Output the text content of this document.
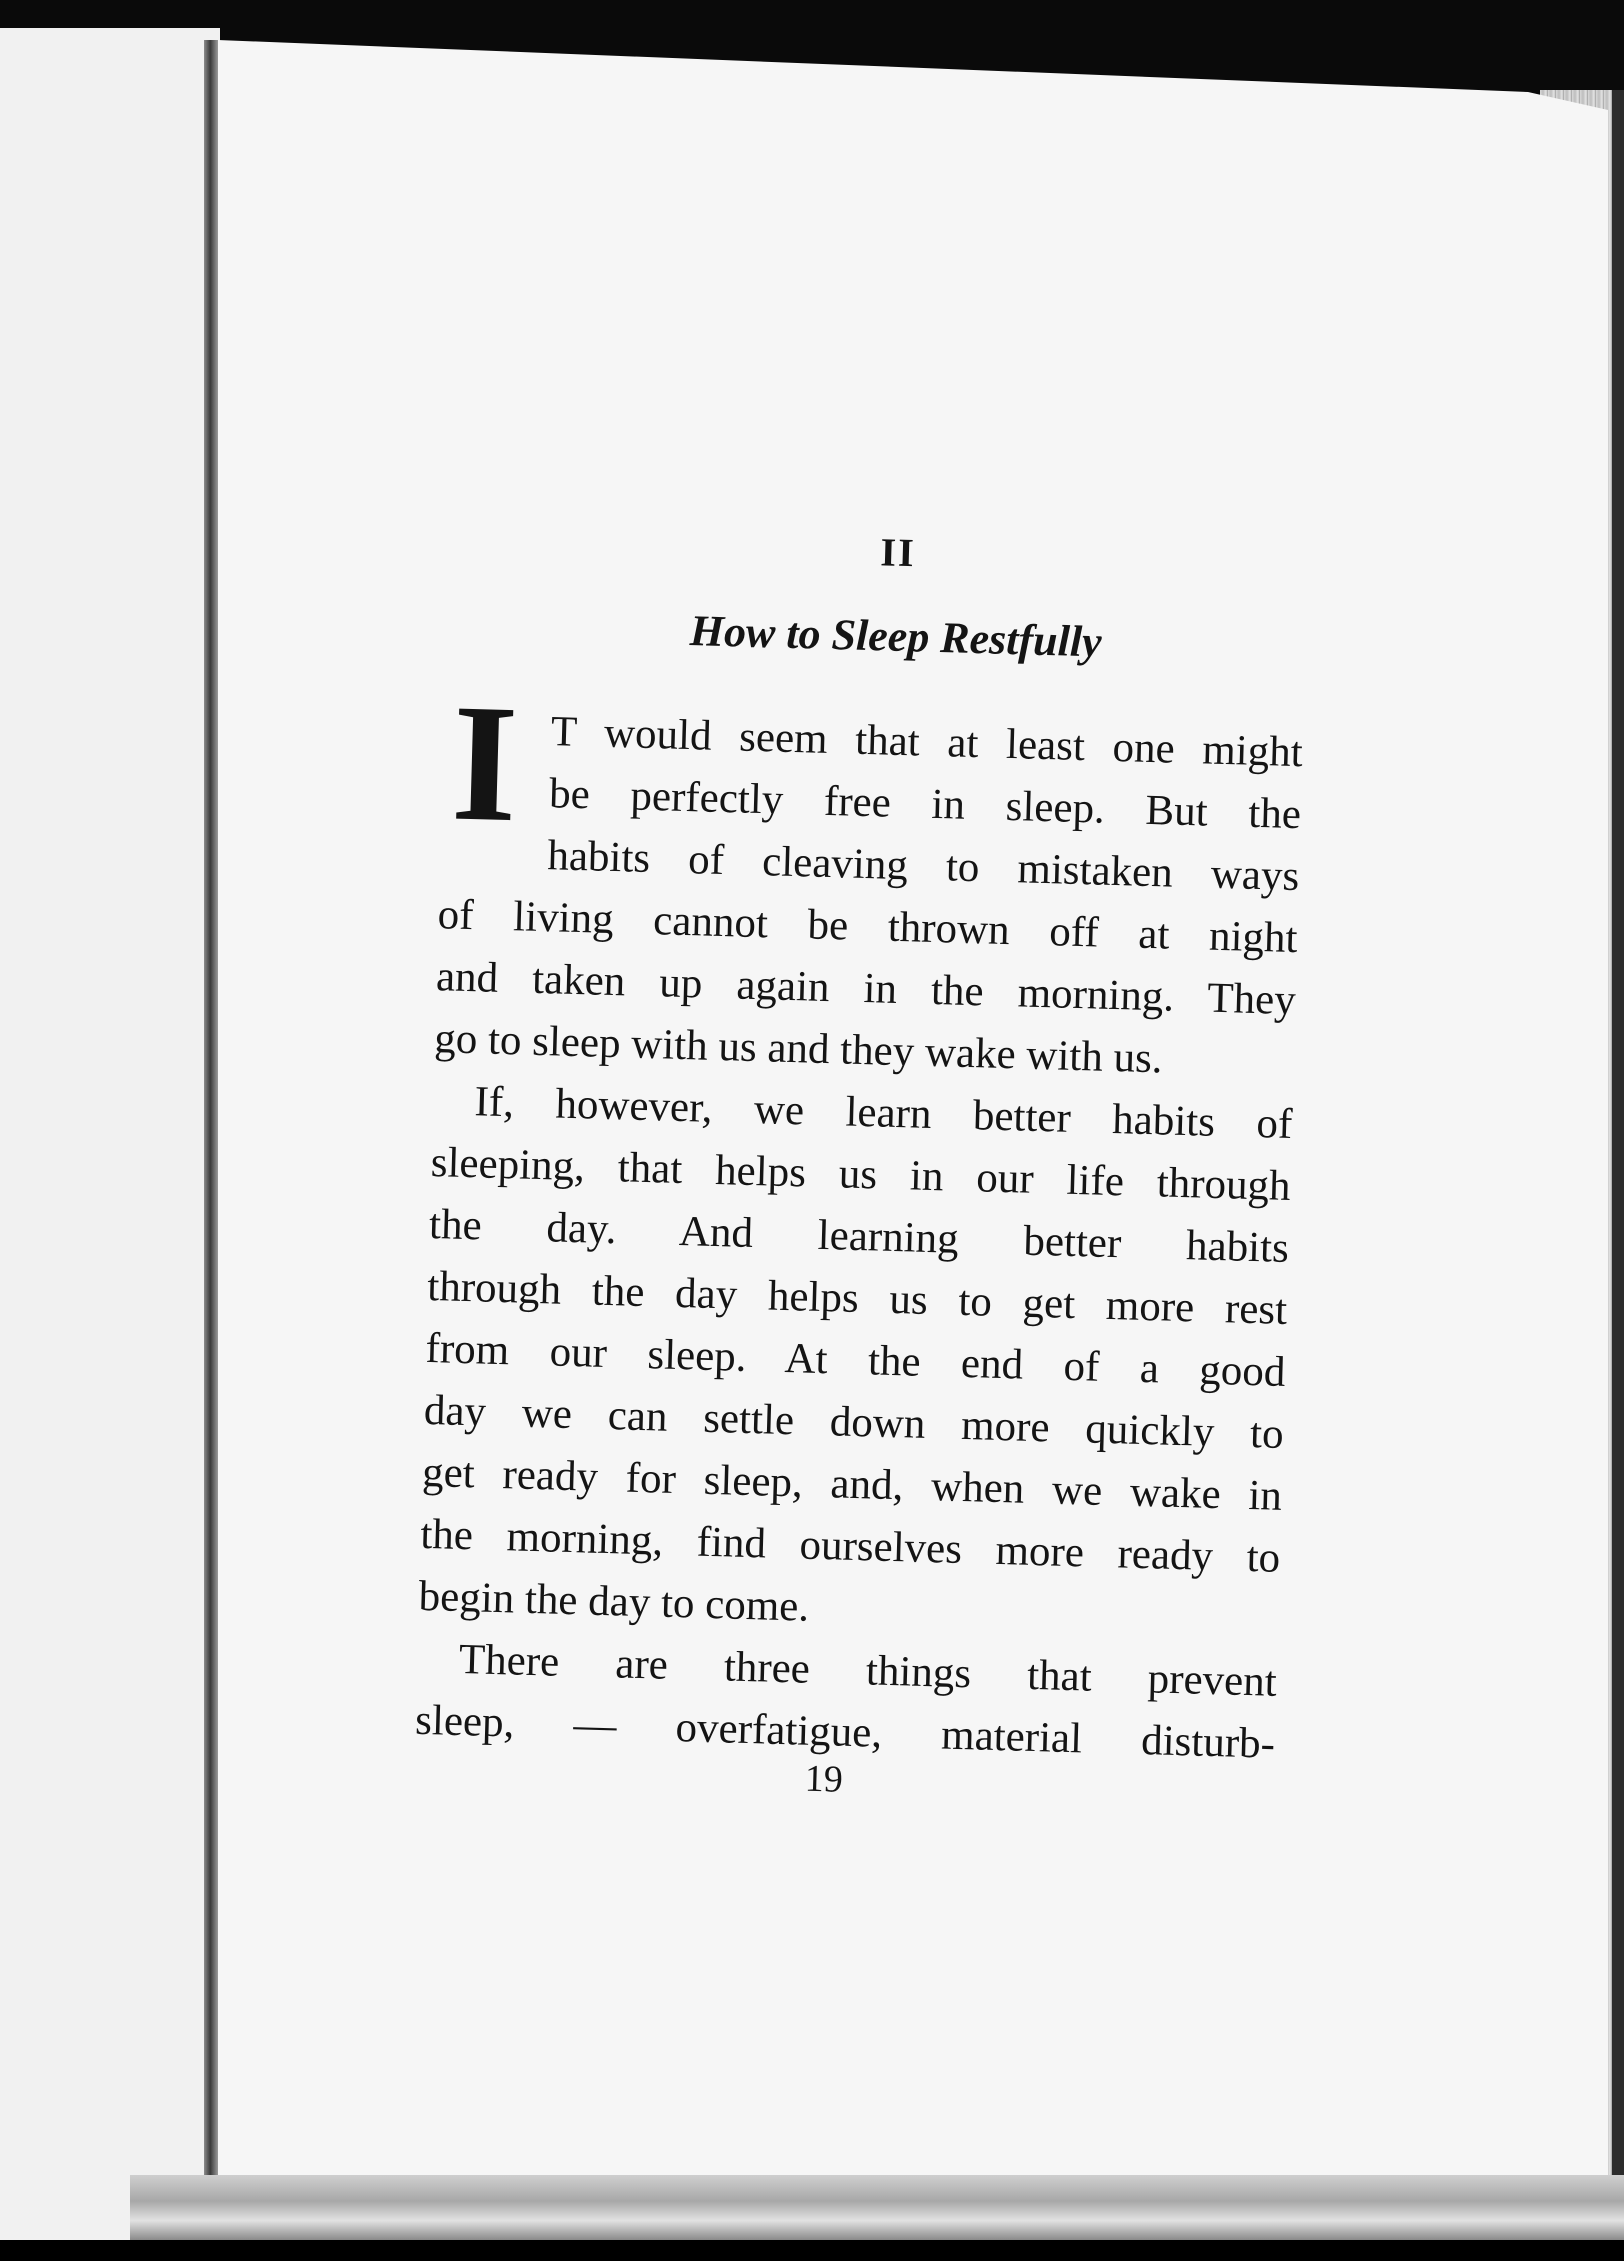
II
How to Sleep Restfully
I T would seem that at least one might
be perfectly free in sleep. But the
habits of cleaving to mistaken ways
of living cannot be thrown off at night
and taken up again in the morning. They
go to sleep with us and they wake with us.
If, however, we learn better habits of
sleeping, that helps us in our life through
the day. And learning better habits
through the day helps us to get more rest
from our sleep. At the end of a good
day we can settle down more quickly to
get ready for sleep, and, when we wake in
the morning, find ourselves more ready to
begin the day to come.
There are three things that prevent
sleep, — overfatigue, material disturb-
19
